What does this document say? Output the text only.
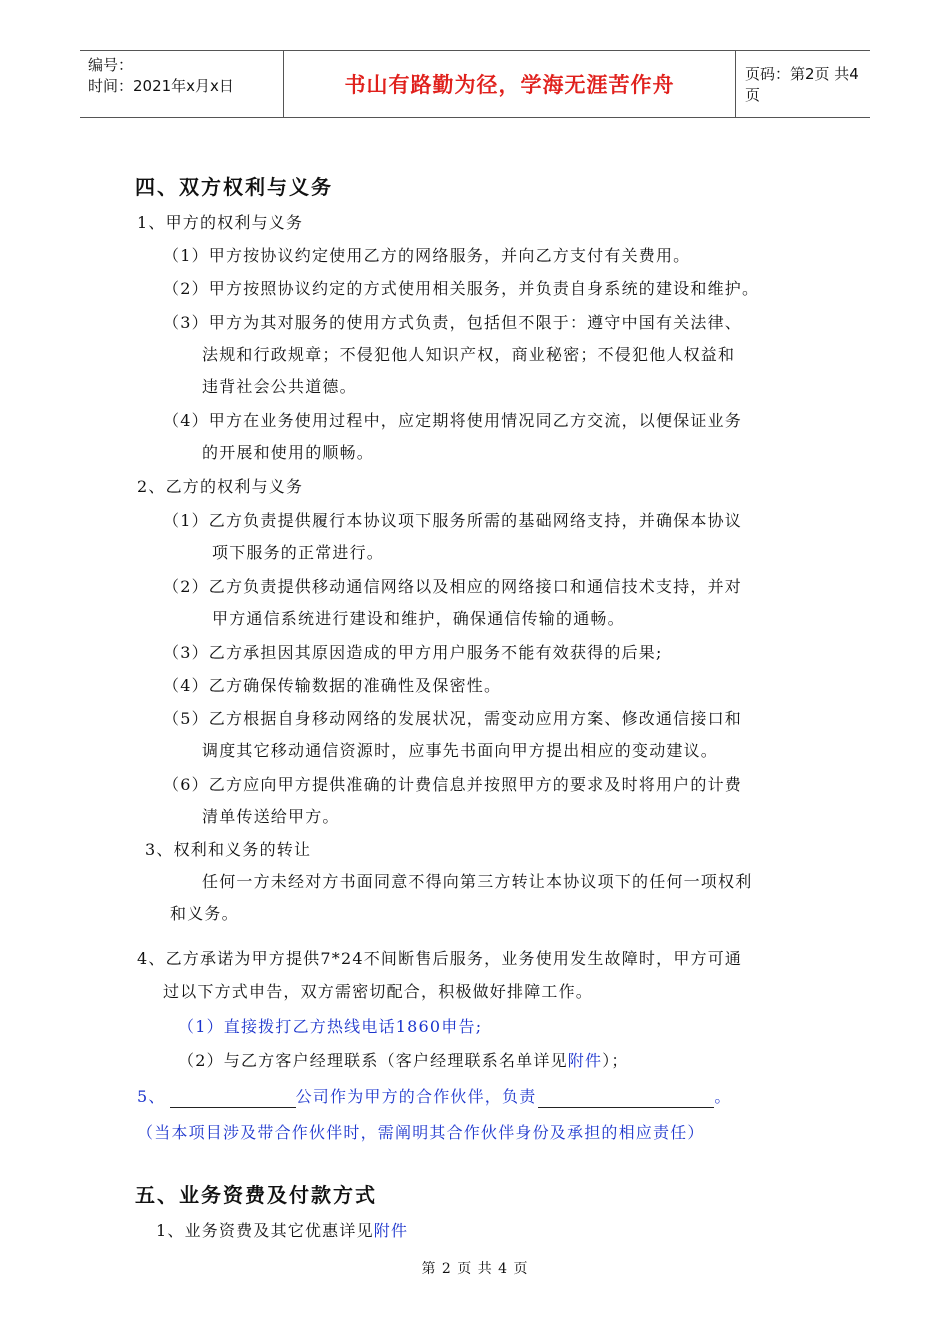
编号：
时间：2021年x月x日	书山有路勤为径，学海无涯苦作舟	页码：第2页 共4页
四、双方权利与义务
1、甲方的权利与义务
（1）甲方按协议约定使用乙方的网络服务，并向乙方支付有关费用。
（2）甲方按照协议约定的方式使用相关服务，并负责自身系统的建设和维护。
（3）甲方为其对服务的使用方式负责，包括但不限于：遵守中国有关法律、
法规和行政规章；不侵犯他人知识产权，商业秘密；不侵犯他人权益和
违背社会公共道德。
（4）甲方在业务使用过程中，应定期将使用情况同乙方交流，以便保证业务
的开展和使用的顺畅。
2、乙方的权利与义务
（1）乙方负责提供履行本协议项下服务所需的基础网络支持，并确保本协议
项下服务的正常进行。
（2）乙方负责提供移动通信网络以及相应的网络接口和通信技术支持，并对
甲方通信系统进行建设和维护，确保通信传输的通畅。
（3）乙方承担因其原因造成的甲方用户服务不能有效获得的后果;
（4）乙方确保传输数据的准确性及保密性。
（5）乙方根据自身移动网络的发展状况，需变动应用方案、修改通信接口和
调度其它移动通信资源时，应事先书面向甲方提出相应的变动建议。
（6）乙方应向甲方提供准确的计费信息并按照甲方的要求及时将用户的计费
清单传送给甲方。
3、权利和义务的转让
任何一方未经对方书面同意不得向第三方转让本协议项下的任何一项权利
和义务。
4、乙方承诺为甲方提供7*24不间断售后服务，业务使用发生故障时，甲方可通
过以下方式申告，双方需密切配合，积极做好排障工作。
（1）直接拨打乙方热线电话1860申告;
（2）与乙方客户经理联系（客户经理联系名单详见附件）；
5、	公司作为甲方的合作伙伴，负责	。
（当本项目涉及带合作伙伴时，需阐明其合作伙伴身份及承担的相应责任）
五、业务资费及付款方式
1、业务资费及其它优惠详见附件
第 2 页 共 4 页
